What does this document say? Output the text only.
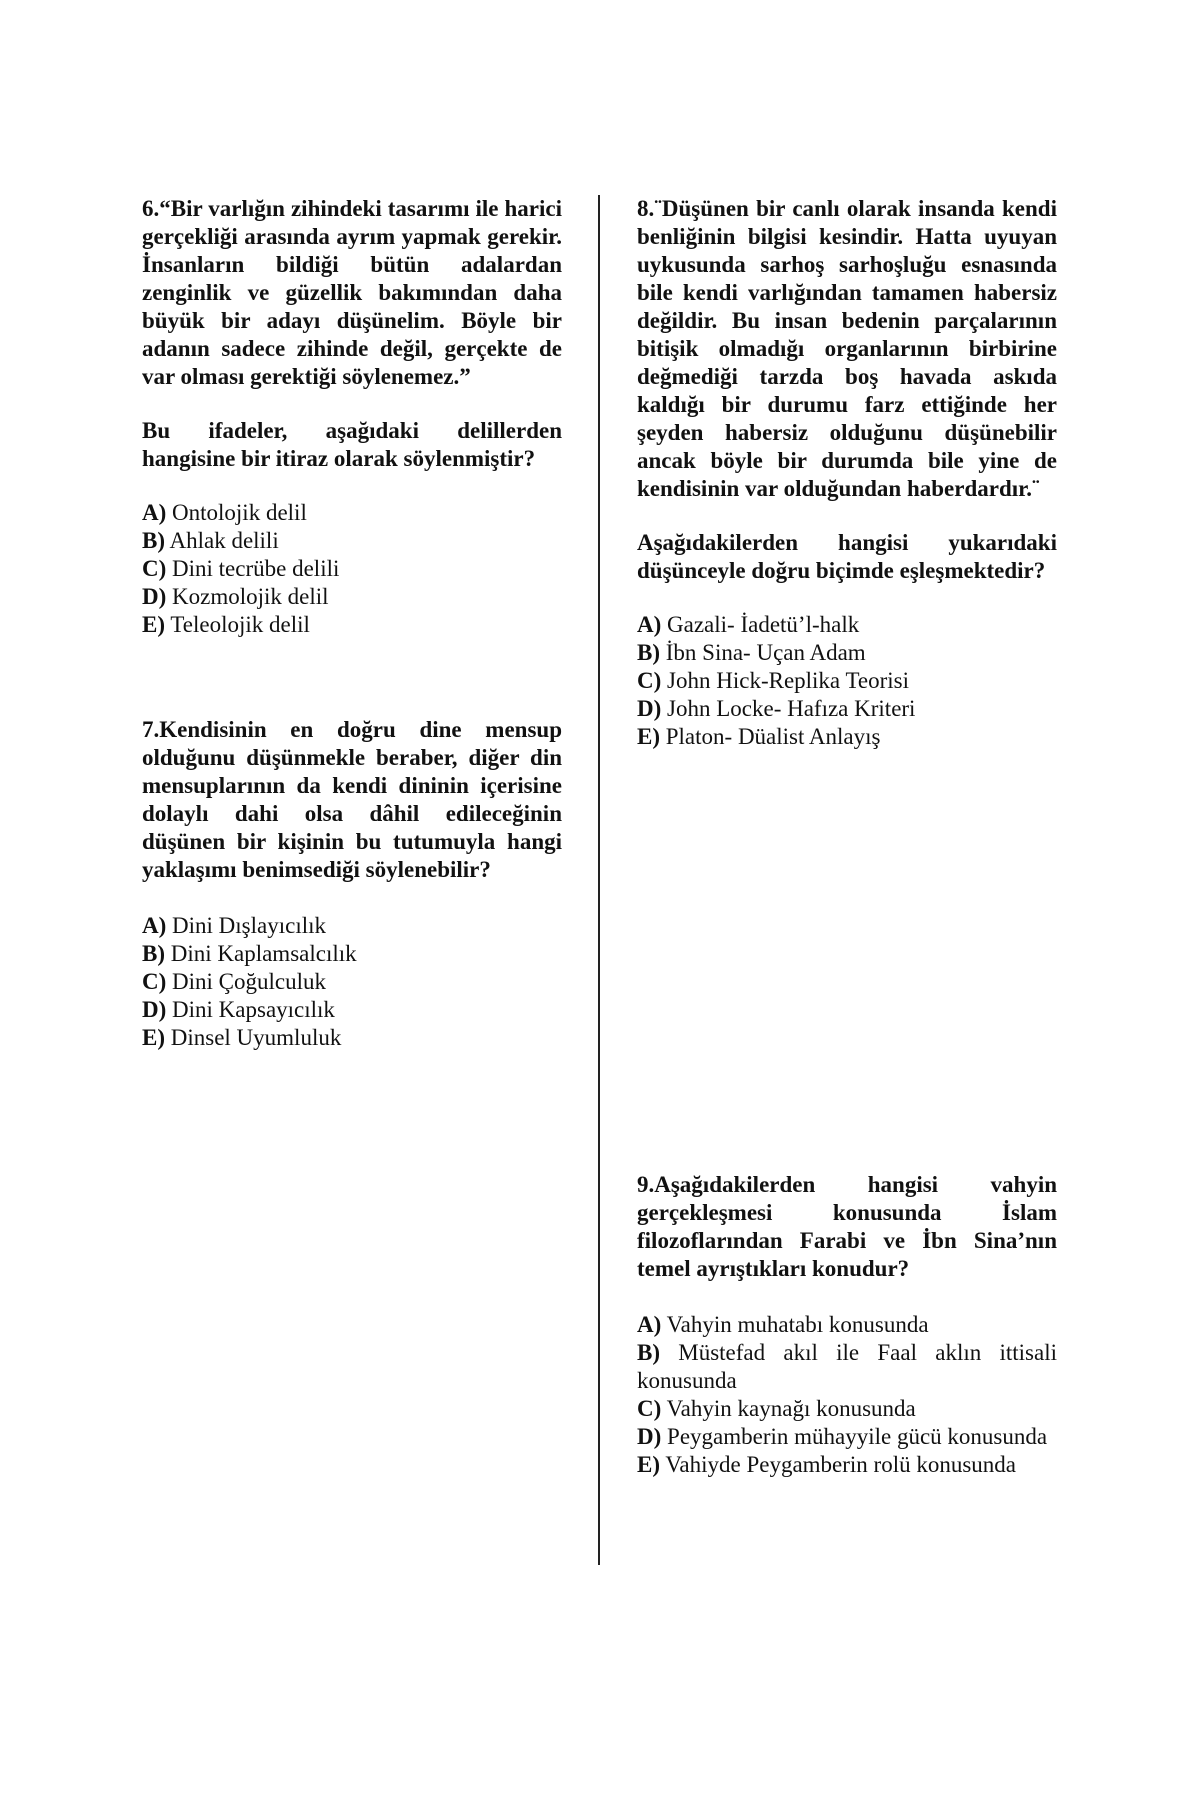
6.“Bir varlığın zihindeki tasarımı ile harici gerçekliği arasında ayrım yapmak gerekir. İnsanların bildiği bütün adalardan zenginlik ve güzellik bakımından daha büyük bir adayı düşünelim. Böyle bir adanın sadece zihinde değil, gerçekte de var olması gerektiği söylenemez.”

Bu ifadeler, aşağıdaki delillerden hangisine bir itiraz olarak söylenmiştir?

A) Ontolojik delil
B) Ahlak delili
C) Dini tecrübe delili
D) Kozmolojik delil
E) Teleolojik delil

7.Kendisinin en doğru dine mensup olduğunu düşünmekle beraber, diğer din mensuplarının da kendi dininin içerisine dolaylı dahi olsa dâhil edileceğinin düşünen bir kişinin bu tutumuyla hangi yaklaşımı benimsediği söylenebilir?

A) Dini Dışlayıcılık
B) Dini Kaplamsalcılık
C) Dini Çoğulculuk
D) Dini Kapsayıcılık
E) Dinsel Uyumluluk

8.¨Düşünen bir canlı olarak insanda kendi benliğinin bilgisi kesindir. Hatta uyuyan uykusunda sarhoş sarhoşluğu esnasında bile kendi varlığından tamamen habersiz değildir. Bu insan bedenin parçalarının bitişik olmadığı organlarının birbirine değmediği tarzda boş havada askıda kaldığı bir durumu farz ettiğinde her şeyden habersiz olduğunu düşünebilir ancak böyle bir durumda bile yine de kendisinin var olduğundan haberdardır.¨

Aşağıdakilerden hangisi yukarıdaki düşünceyle doğru biçimde eşleşmektedir?

A) Gazali- İadetü’l-halk
B) İbn Sina- Uçan Adam
C) John Hick-Replika Teorisi
D) John Locke- Hafıza Kriteri
E) Platon- Düalist Anlayış

9.Aşağıdakilerden hangisi vahyin gerçekleşmesi konusunda İslam filozoflarından Farabi ve İbn Sina’nın temel ayrıştıkları konudur?

A) Vahyin muhatabı konusunda
B) Müstefad akıl ile Faal aklın ittisali konusunda
C) Vahyin kaynağı konusunda
D) Peygamberin mühayyile gücü konusunda
E) Vahiyde Peygamberin rolü konusunda
